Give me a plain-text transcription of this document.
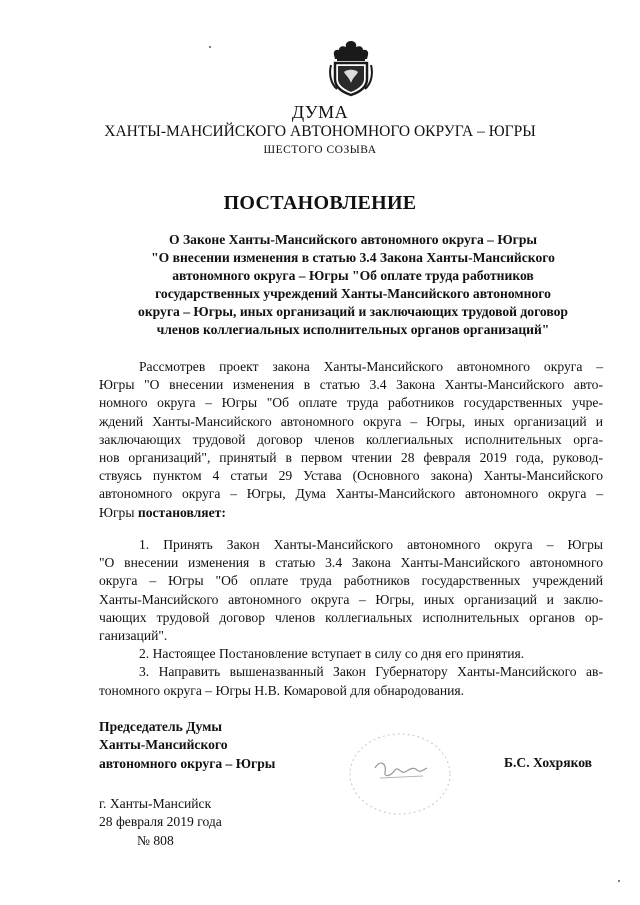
ДУМА
ХАНТЫ-МАНСИЙСКОГО АВТОНОМНОГО ОКРУГА – ЮГРЫ
ШЕСТОГО СОЗЫВА
ПОСТАНОВЛЕНИЕ
О Законе Ханты-Мансийского автономного округа – Югры
"О внесении изменения в статью 3.4 Закона Ханты-Мансийского
автономного округа – Югры "Об оплате труда работников
государственных учреждений Ханты-Мансийского автономного
округа – Югры, иных организаций и заключающих трудовой договор
членов коллегиальных исполнительных органов организаций"
Рассмотрев проект закона Ханты-Мансийского автономного округа –
Югры "О внесении изменения в статью 3.4 Закона Ханты-Мансийского авто-
номного округа – Югры "Об оплате труда работников государственных учре-
ждений Ханты-Мансийского автономного округа – Югры, иных организаций и
заключающих трудовой договор членов коллегиальных исполнительных орга-
нов организаций", принятый в первом чтении 28 февраля 2019 года, руковод-
ствуясь пунктом 4 статьи 29 Устава (Основного закона) Ханты-Мансийского
автономного округа – Югры, Дума Ханты-Мансийского автономного округа –
Югры постановляет:
1. Принять Закон Ханты-Мансийского автономного округа – Югры
"О внесении изменения в статью 3.4 Закона Ханты-Мансийского автономного
округа – Югры "Об оплате труда работников государственных учреждений
Ханты-Мансийского автономного округа – Югры, иных организаций и заклю-
чающих трудовой договор членов коллегиальных исполнительных органов ор-
ганизаций".
2. Настоящее Постановление вступает в силу со дня его принятия.
3. Направить вышеназванный Закон Губернатору Ханты-Мансийского ав-
тономного округа – Югры Н.В. Комаровой для обнародования.
Председатель Думы
Ханты-Мансийского
автономного округа – Югры	Б.С. Хохряков
г. Ханты-Мансийск
28 февраля 2019 года
№ 808
